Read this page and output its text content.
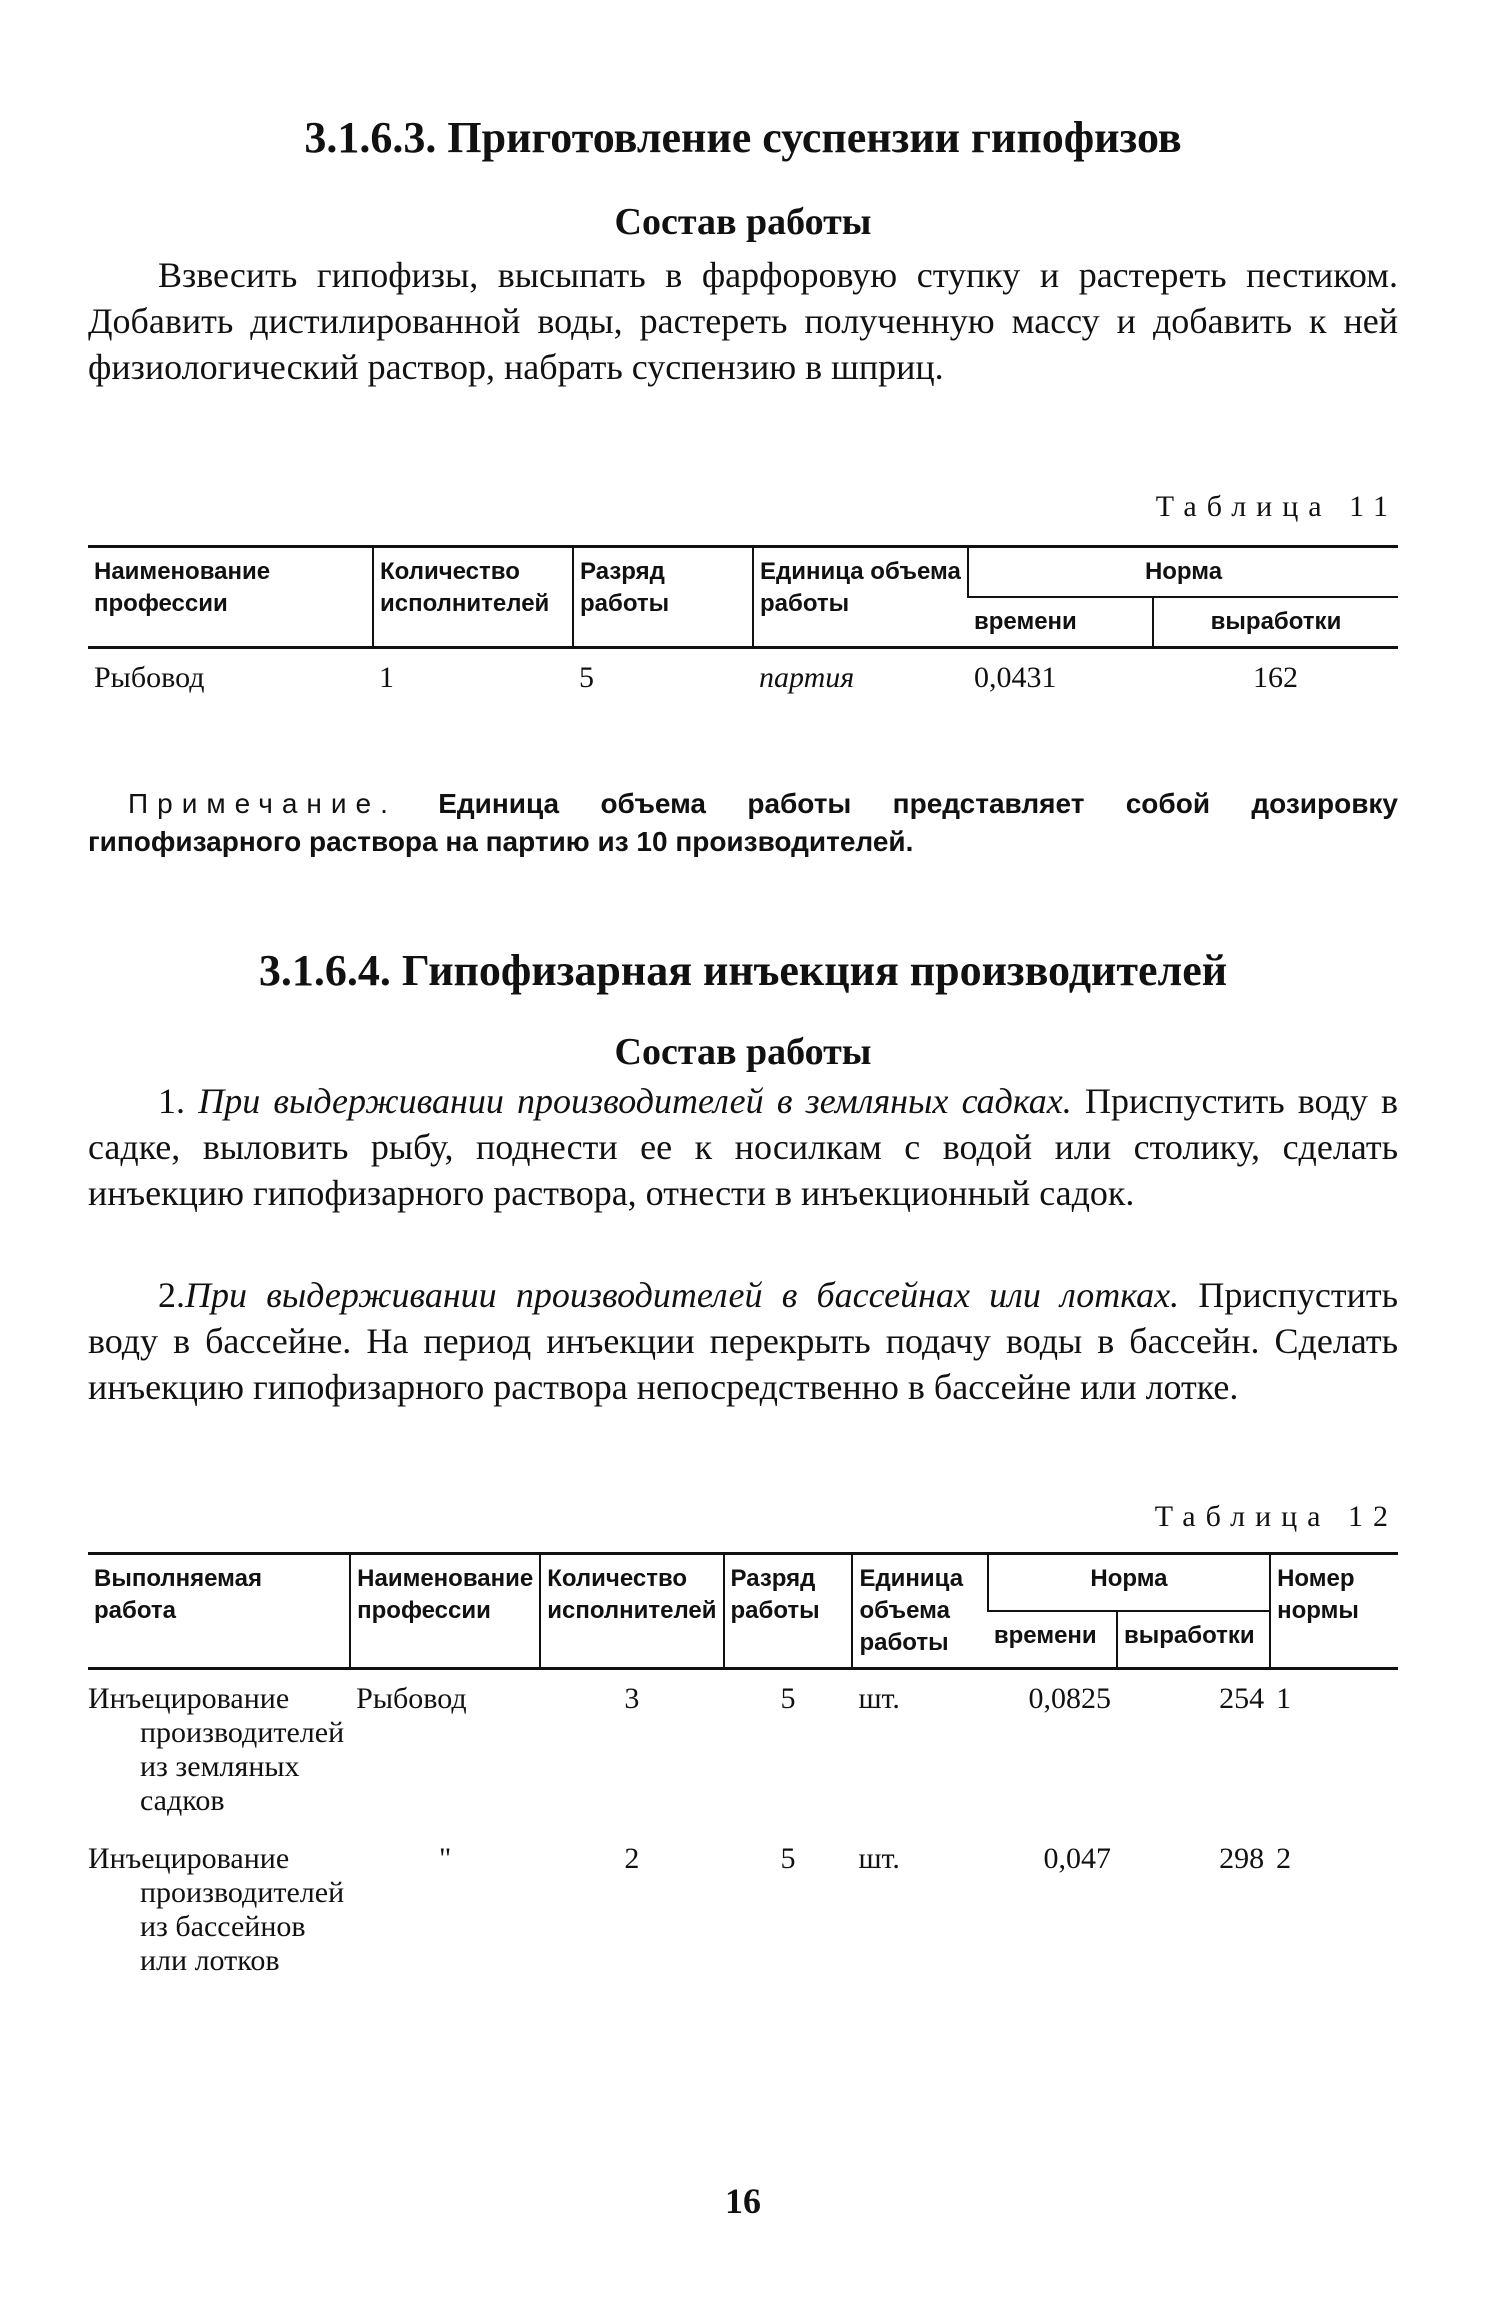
3.1.6.3. Приготовление суспензии гипофизов
Состав работы

Взвесить гипофизы, высыпать в фарфоровую ступку и растереть пестиком. Добавить дистилированной воды, растереть полученную массу и добавить к ней физиологический раствор, набрать суспензию в шприц.

Таблица 11
Наименование профессии	Количество исполнителей	Разряд работы	Единица объема работы	Норма	
				времени	выработки
Рыбовод	1	5	партия	0,0431	162

Примечание. Единица объема работы представляет собой дозировку гипофизарного раствора на партию из 10 производителей.

3.1.6.4. Гипофизарная инъекция производителей
Состав работы

1. При выдерживании производителей в земляных садках. Приспустить воду в садке, выловить рыбу, поднести ее к носилкам с водой или столику, сделать инъекцию гипофизарного раствора, отнести в инъекционный садок.

2.При выдерживании производителей в бассейнах или лотках. Приспустить воду в бассейне. На период инъекции перекрыть подачу воды в бассейн. Сделать инъекцию гипофизарного раствора непосредственно в бассейне или лотке.

Таблица 12
Выполняемая работа	Наименование профессии	Количество исполнителей	Разряд работы	Единица объема работы	Норма		Номер нормы
					времени	выработки	
Инъецирование производителей из земляных садков	Рыбовод	3	5	шт.	0,0825	254	1
Инъецирование производителей из бассейнов или лотков	"	2	5	шт.	0,047	298	2
16
